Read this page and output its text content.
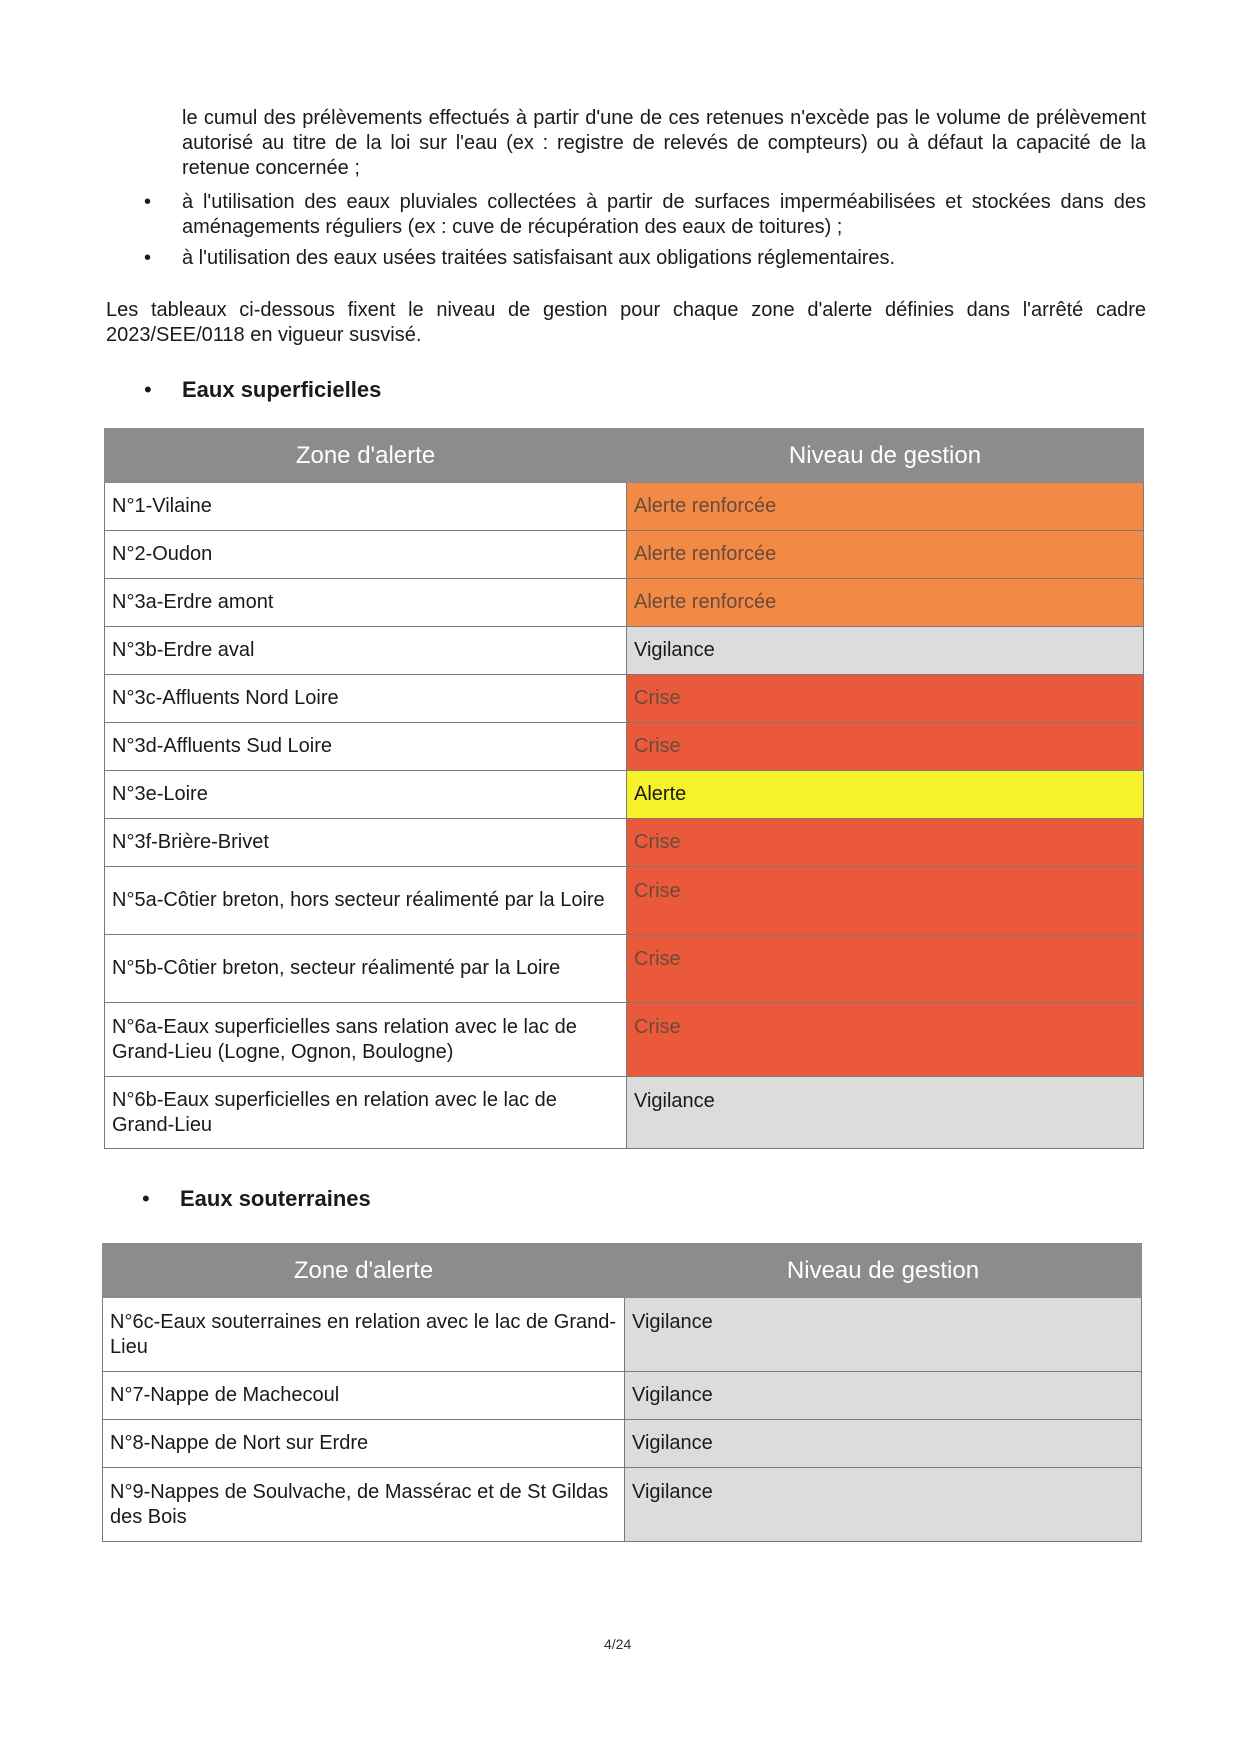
le cumul des prélèvements effectués à partir d'une de ces retenues n'excède pas le volume de prélèvement autorisé au titre de la loi sur l'eau (ex : registre de relevés de compteurs) ou à défaut la capacité de la retenue concernée ;
• à l'utilisation des eaux pluviales collectées à partir de surfaces imperméabilisées et stockées dans des aménagements réguliers (ex : cuve de récupération des eaux de toitures) ;
• à l'utilisation des eaux usées traitées satisfaisant aux obligations réglementaires.
Les tableaux ci-dessous fixent le niveau de gestion pour chaque zone d'alerte définies dans l'arrêté cadre 2023/SEE/0118 en vigueur susvisé.
• Eaux superficielles
Zone d'alerte	Niveau de gestion
N°1-Vilaine	Alerte renforcée
N°2-Oudon	Alerte renforcée
N°3a-Erdre amont	Alerte renforcée
N°3b-Erdre aval	Vigilance
N°3c-Affluents Nord Loire	Crise
N°3d-Affluents Sud Loire	Crise
N°3e-Loire	Alerte
N°3f-Brière-Brivet	Crise
N°5a-Côtier breton, hors secteur réalimenté par la Loire	Crise
N°5b-Côtier breton, secteur réalimenté par la Loire	Crise
N°6a-Eaux superficielles sans relation avec le lac de Grand-Lieu (Logne, Ognon, Boulogne)	Crise
N°6b-Eaux superficielles en relation avec le lac de Grand-Lieu	Vigilance
• Eaux souterraines
Zone d'alerte	Niveau de gestion
N°6c-Eaux souterraines en relation avec le lac de Grand-Lieu	Vigilance
N°7-Nappe de Machecoul	Vigilance
N°8-Nappe de Nort sur Erdre	Vigilance
N°9-Nappes de Soulvache, de Massérac et de St Gildas des Bois	Vigilance
4/24
